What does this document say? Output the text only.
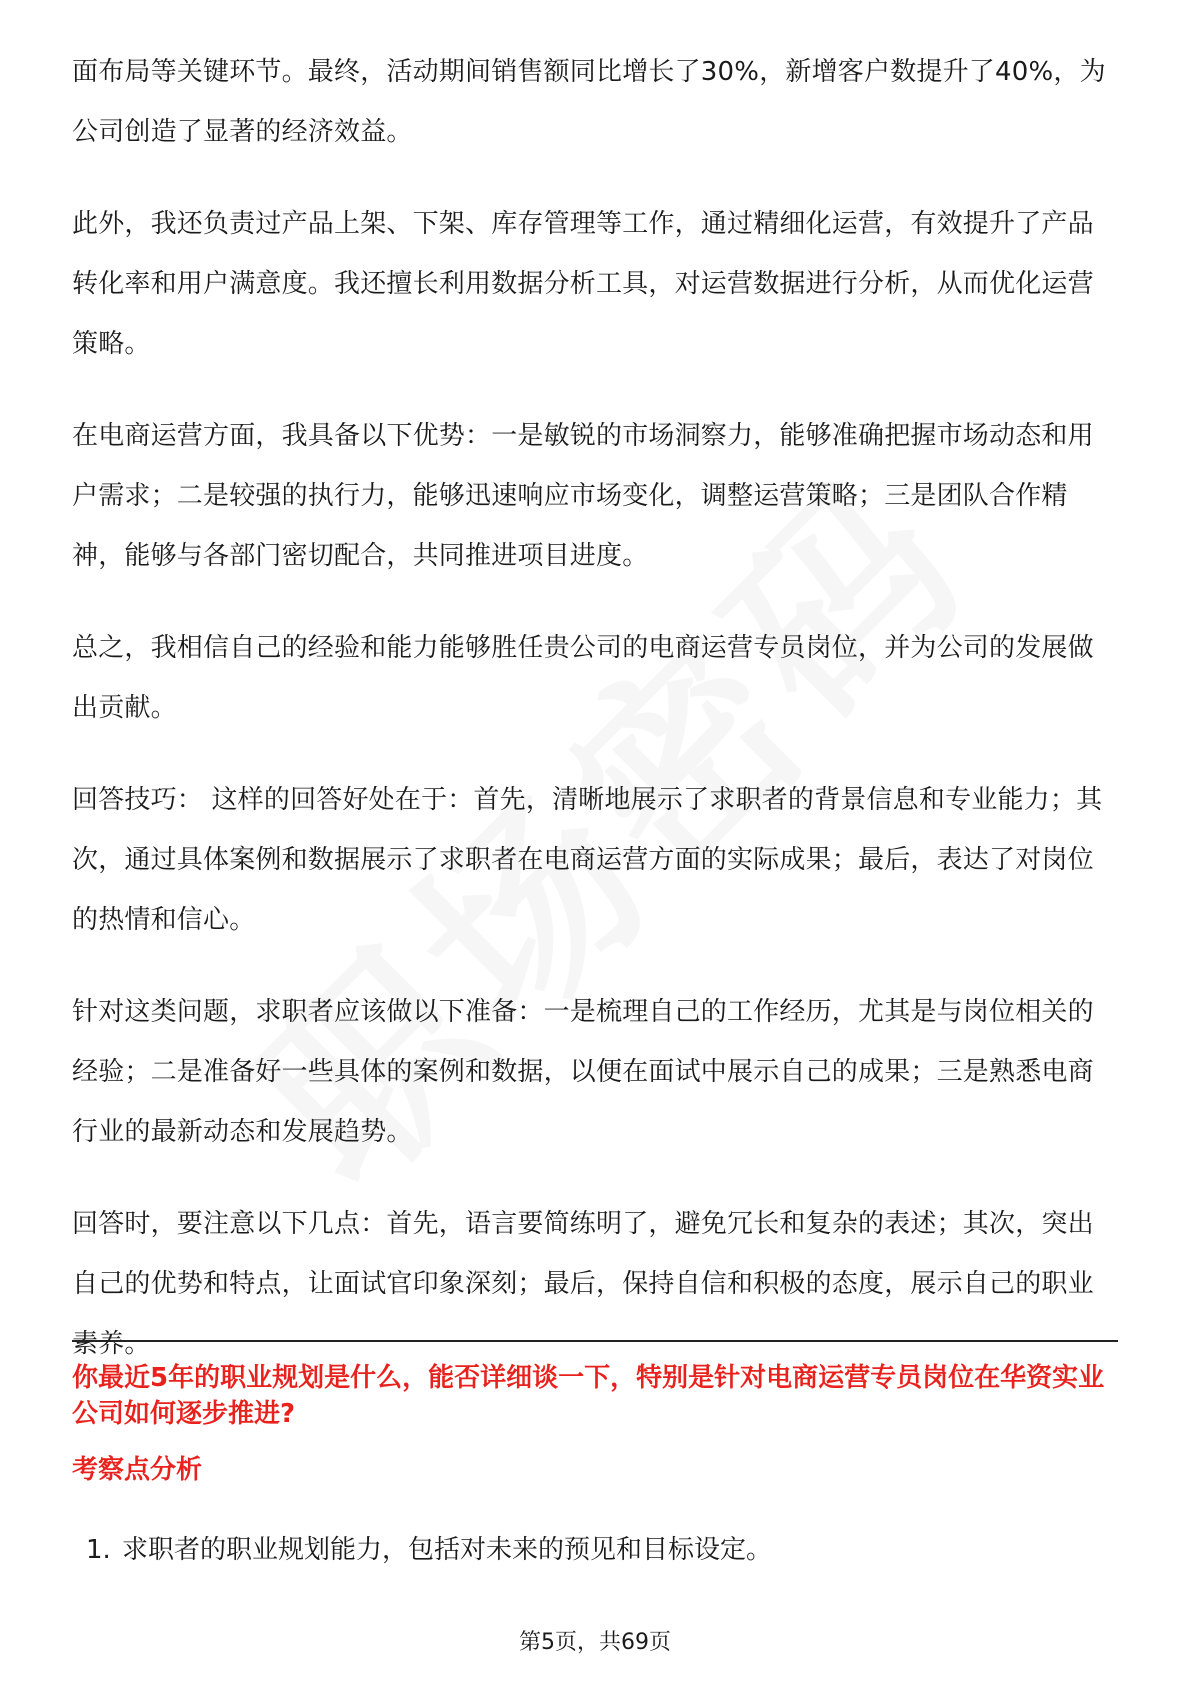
面布局等关键环节。最终，活动期间销售额同比增长了30%，新增客户数提升了40%，为公司创造了显著的经济效益。

此外，我还负责过产品上架、下架、库存管理等工作，通过精细化运营，有效提升了产品转化率和用户满意度。我还擅长利用数据分析工具，对运营数据进行分析，从而优化运营策略。

在电商运营方面，我具备以下优势：一是敏锐的市场洞察力，能够准确把握市场动态和用户需求；二是较强的执行力，能够迅速响应市场变化，调整运营策略；三是团队合作精神，能够与各部门密切配合，共同推进项目进度。

总之，我相信自己的经验和能力能够胜任贵公司的电商运营专员岗位，并为公司的发展做出贡献。

回答技巧： 这样的回答好处在于：首先，清晰地展示了求职者的背景信息和专业能力；其次，通过具体案例和数据展示了求职者在电商运营方面的实际成果；最后，表达了对岗位的热情和信心。

针对这类问题，求职者应该做以下准备：一是梳理自己的工作经历，尤其是与岗位相关的经验；二是准备好一些具体的案例和数据，以便在面试中展示自己的成果；三是熟悉电商行业的最新动态和发展趋势。

回答时，要注意以下几点：首先，语言要简练明了，避免冗长和复杂的表述；其次，突出自己的优势和特点，让面试官印象深刻；最后，保持自信和积极的态度，展示自己的职业素养。

你最近5年的职业规划是什么，能否详细谈一下，特别是针对电商运营专员岗位在华资实业公司如何逐步推进?
考察点分析
1. 求职者的职业规划能力，包括对未来的预见和目标设定。
第5页，共69页
